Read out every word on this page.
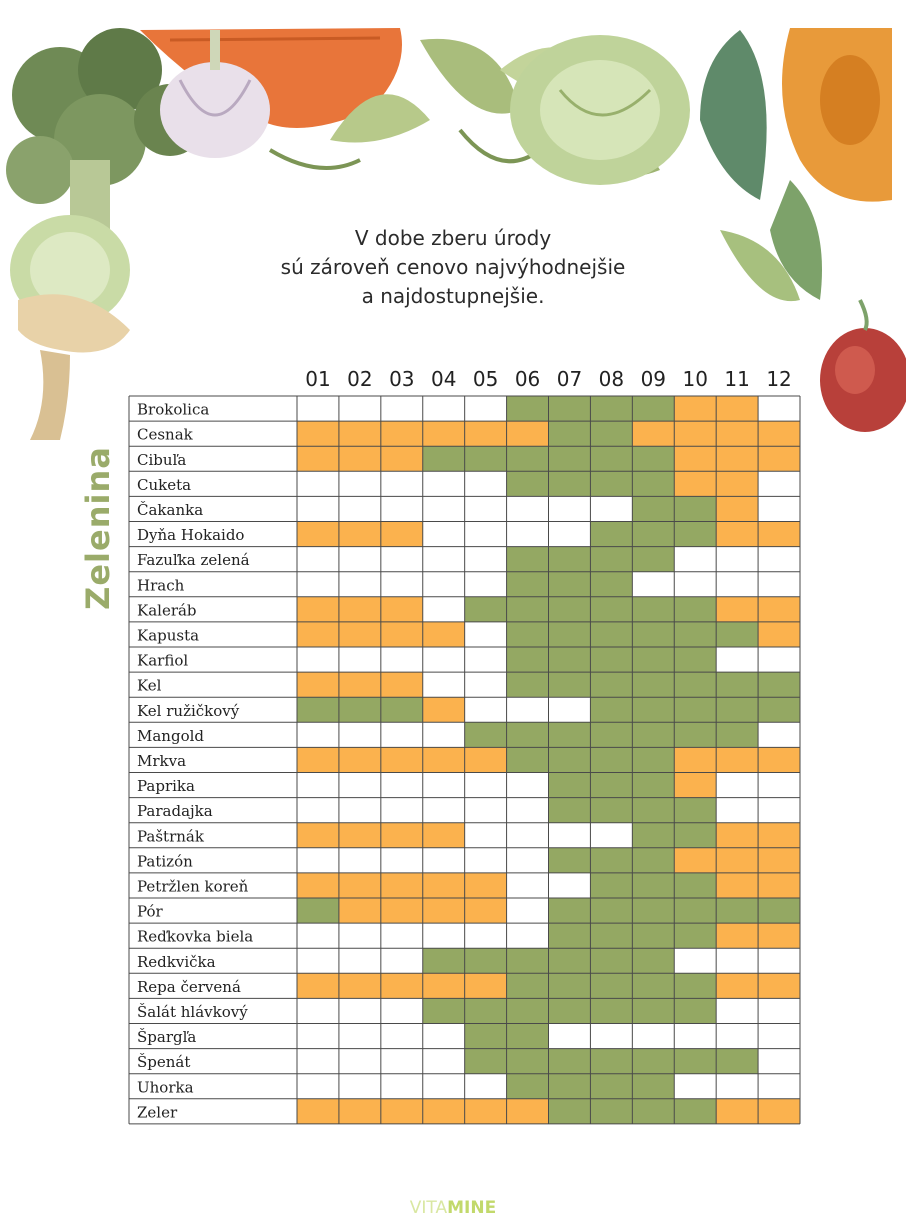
V dobe zberu úrody
sú zároveň cenovo najvýhodnejšie
a najdostupnejšie.
Zelenina
01 02 03 04 05 06 07 08 09 10 11 12
Brokolica
Cesnak
Cibuľa
Cuketa
Čakanka
Dyňa Hokaido
Fazuľka zelená
Hrach
Kaleráb
Kapusta
Karfiol
Kel
Kel ružičkový
Mangold
Mrkva
Paprika
Paradajka
Paštrnák
Patizón
Petržlen koreň
Pór
Reďkovka biela
Redkvička
Repa červená
Šalát hlávkový
Špargľa
Špenát
Uhorka
Zeler
VITAMINE
